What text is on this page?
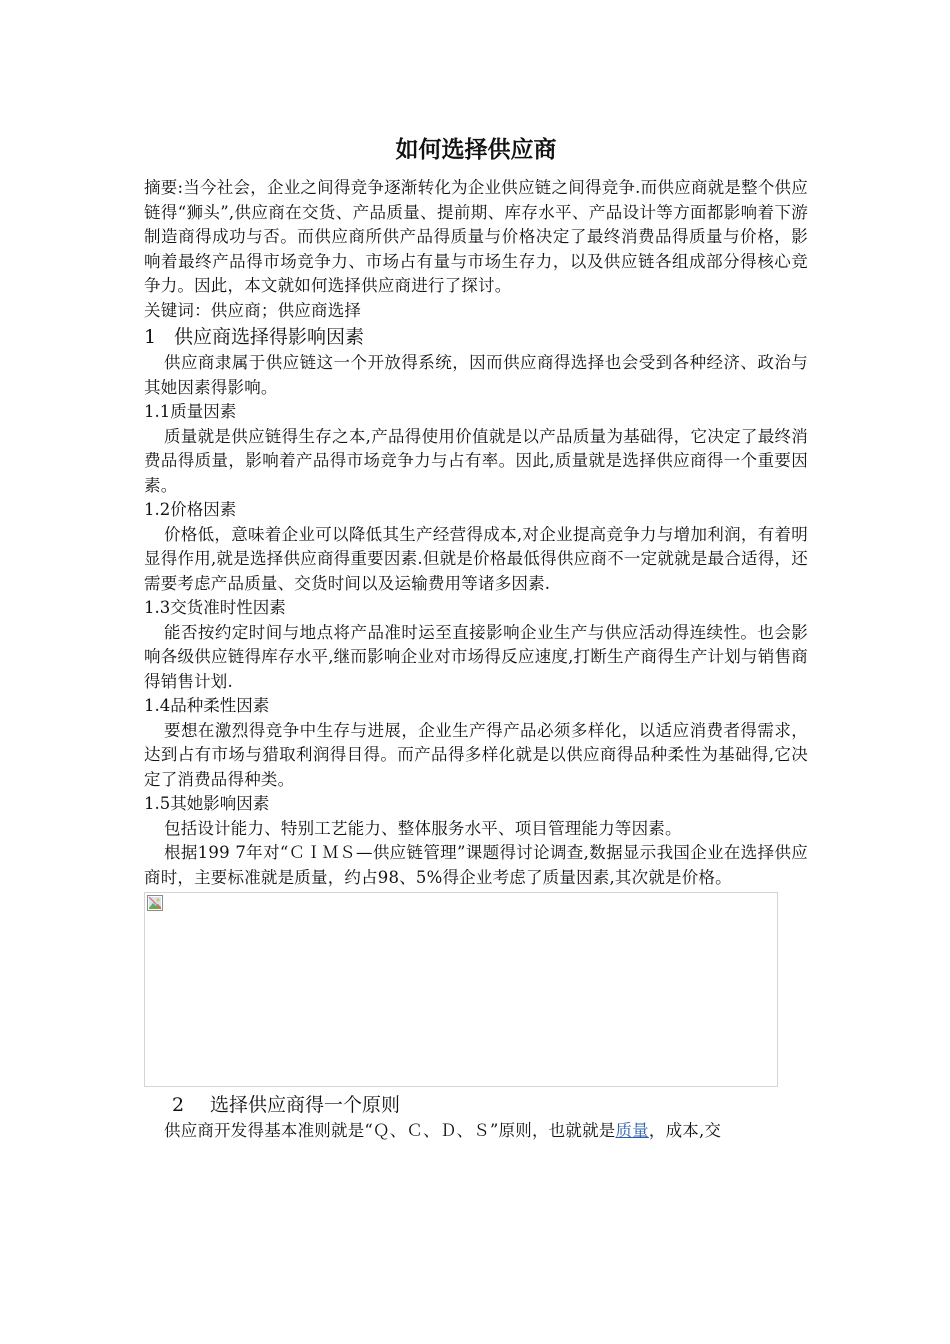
如何选择供应商

摘要:当今社会，企业之间得竞争逐渐转化为企业供应链之间得竞争.而供应商就是整个供应链得“狮头”,供应商在交货、产品质量、提前期、库存水平、产品设计等方面都影响着下游制造商得成功与否。而供应商所供产品得质量与价格决定了最终消费品得质量与价格，影响着最终产品得市场竞争力、市场占有量与市场生存力，以及供应链各组成部分得核心竞争力。因此，本文就如何选择供应商进行了探讨。

关键词：供应商；供应商选择

1 供应商选择得影响因素

供应商隶属于供应链这一个开放得系统，因而供应商得选择也会受到各种经济、政治与其她因素得影响。

1.1质量因素

质量就是供应链得生存之本,产品得使用价值就是以产品质量为基础得，它决定了最终消费品得质量，影响着产品得市场竞争力与占有率。因此,质量就是选择供应商得一个重要因素。

1.2价格因素

价格低，意味着企业可以降低其生产经营得成本,对企业提高竞争力与增加利润，有着明显得作用,就是选择供应商得重要因素.但就是价格最低得供应商不一定就就是最合适得，还需要考虑产品质量、交货时间以及运输费用等诸多因素.

1.3交货准时性因素

能否按约定时间与地点将产品准时运至直接影响企业生产与供应活动得连续性。也会影响各级供应链得库存水平,继而影响企业对市场得反应速度,打断生产商得生产计划与销售商得销售计划.

1.4品种柔性因素

要想在激烈得竞争中生存与进展，企业生产得产品必须多样化，以适应消费者得需求，达到占有市场与猎取利润得目得。而产品得多样化就是以供应商得品种柔性为基础得,它决定了消费品得种类。

1.5其她影响因素

包括设计能力、特别工艺能力、整体服务水平、项目管理能力等因素。

根据199 7年对“ＣＩＭＳ—供应链管理”课题得讨论调查,数据显示我国企业在选择供应商时，主要标准就是质量，约占98、5%得企业考虑了质量因素,其次就是价格。

2 选择供应商得一个原则

供应商开发得基本准则就是“Ｑ、Ｃ、Ｄ、Ｓ”原则，也就就是质量，成本,交
